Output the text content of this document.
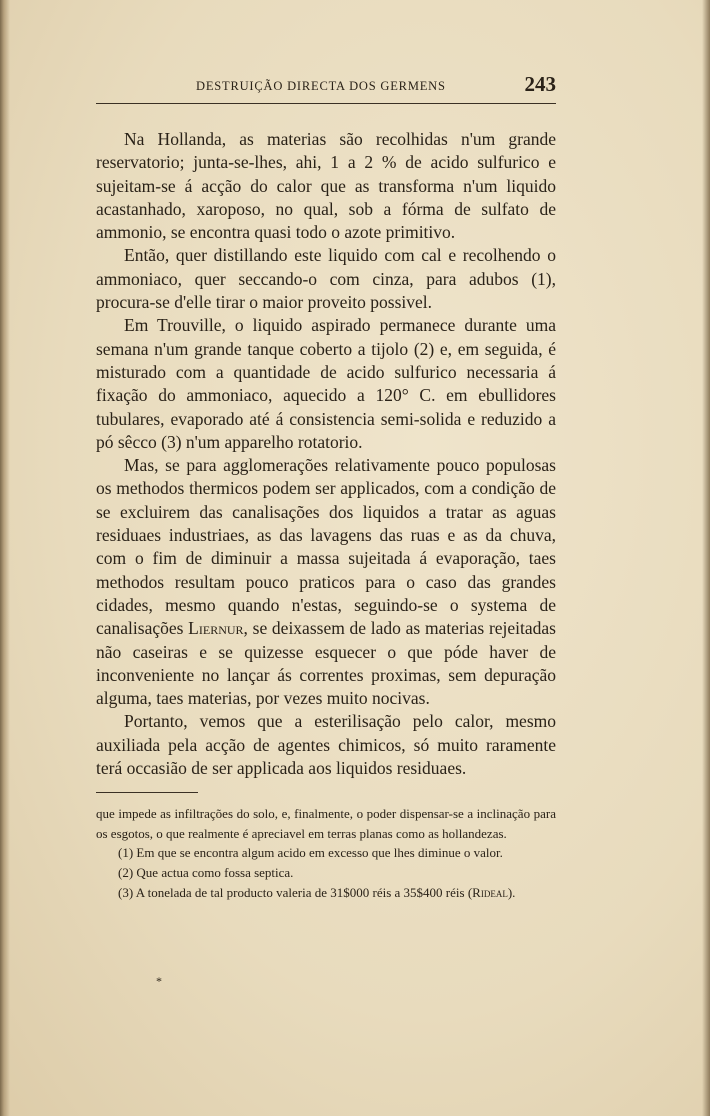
DESTRUIÇÃO DIRECTA DOS GERMENS	243

Na Hollanda, as materias são recolhidas n'um grande reservatorio; junta-se-lhes, ahi, 1 a 2 % de acido sulfurico e sujeitam-se á acção do calor que as transforma n'um liquido acastanhado, xaroposo, no qual, sob a fórma de sulfato de ammonio, se encontra quasi todo o azote primitivo.

Então, quer distillando este liquido com cal e recolhendo o ammoniaco, quer seccando-o com cinza, para adubos (1), procura-se d'elle tirar o maior proveito possivel.

Em Trouville, o liquido aspirado permanece durante uma semana n'um grande tanque coberto a tijolo (2) e, em seguida, é misturado com a quantidade de acido sulfurico necessaria á fixação do ammoniaco, aquecido a 120° C. em ebullidores tubulares, evaporado até á consistencia semi-solida e reduzido a pó sêcco (3) n'um apparelho rotatorio.

Mas, se para agglomerações relativamente pouco populosas os methodos thermicos podem ser applicados, com a condição de se excluirem das canalisações dos liquidos a tratar as aguas residuaes industriaes, as das lavagens das ruas e as da chuva, com o fim de diminuir a massa sujeitada á evaporação, taes methodos resultam pouco praticos para o caso das grandes cidades, mesmo quando n'estas, seguindo-se o systema de canalisações Liernur, se deixassem de lado as materias rejeitadas não caseiras e se quizesse esquecer o que póde haver de inconveniente no lançar ás correntes proximas, sem depuração alguma, taes materias, por vezes muito nocivas.

Portanto, vemos que a esterilisação pelo calor, mesmo auxiliada pela acção de agentes chimicos, só muito raramente terá occasião de ser applicada aos liquidos residuaes.

que impede as infiltrações do solo, e, finalmente, o poder dispensar-se a inclinação para os esgotos, o que realmente é apreciavel em terras planas como as hollandezas.

(1) Em que se encontra algum acido em excesso que lhes diminue o valor.

(2) Que actua como fossa septica.

(3) A tonelada de tal producto valeria de 31$000 réis a 35$400 réis (Rideal).

*
